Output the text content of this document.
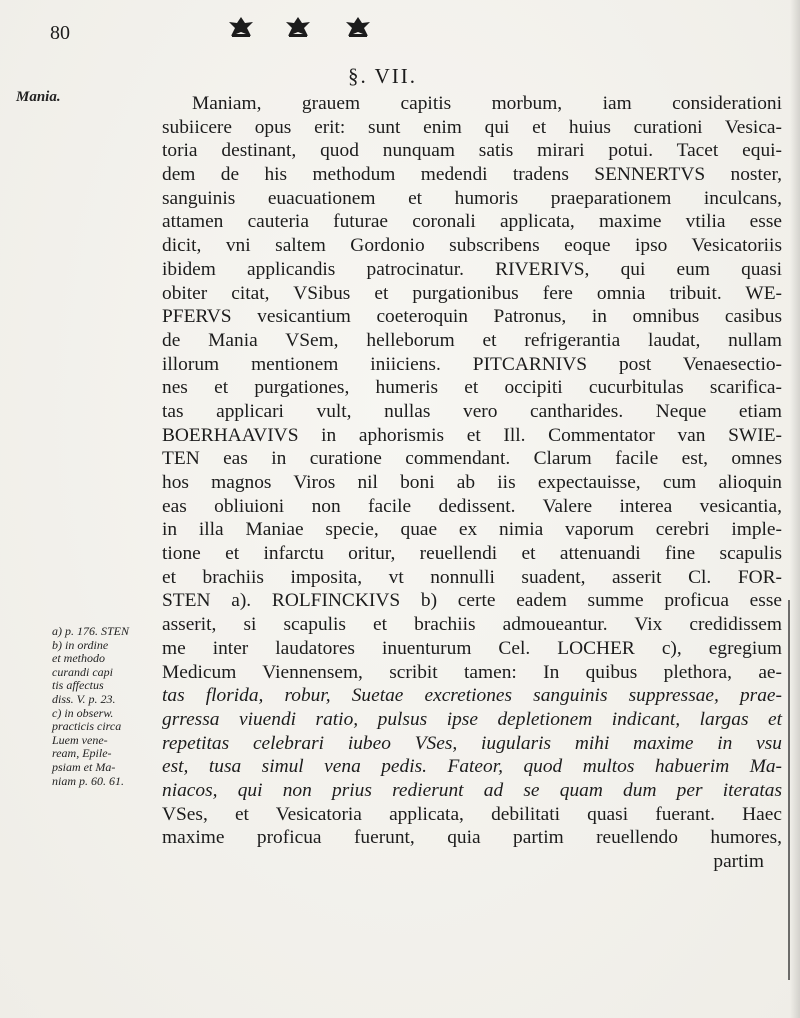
80
§. VII.
Mania.
a) p. 176. STEN
b) in ordine
et methodo
curandi capi
tis affectus
diss. V. p. 23.
c) in obserw.
practicis circa
Luem vene-
ream, Epile-
psiam et Ma-
niam p. 60. 61.
Maniam, grauem capitis morbum, iam considerationi
subiicere opus erit: sunt enim qui et huius curationi Vesica-
toria destinant, quod nunquam satis mirari potui. Tacet equi-
dem de his methodum medendi tradens SENNERTVS noster,
sanguinis euacuationem et humoris praeparationem inculcans,
attamen cauteria futurae coronali applicata, maxime vtilia esse
dicit, vni saltem Gordonio subscribens eoque ipso Vesicatoriis
ibidem applicandis patrocinatur. RIVERIVS, qui eum quasi
obiter citat, VSibus et purgationibus fere omnia tribuit. WE-
PFERVS vesicantium coeteroquin Patronus, in omnibus casibus
de Mania VSem, helleborum et refrigerantia laudat, nullam
illorum mentionem iniiciens. PITCARNIVS post Venaesectio-
nes et purgationes, humeris et occipiti cucurbitulas scarifica-
tas applicari vult, nullas vero cantharides. Neque etiam
BOERHAAVIVS in aphorismis et Ill. Commentator van SWIE-
TEN eas in curatione commendant. Clarum facile est, omnes
hos magnos Viros nil boni ab iis expectauisse, cum alioquin
eas obliuioni non facile dedissent. Valere interea vesicantia,
in illa Maniae specie, quae ex nimia vaporum cerebri imple-
tione et infarctu oritur, reuellendi et attenuandi fine scapulis
et brachiis imposita, vt nonnulli suadent, asserit Cl. FOR-
STEN a). ROLFINCKIVS b) certe eadem summe proficua esse
asserit, si scapulis et brachiis admoueantur. Vix credidissem
me inter laudatores inuenturum Cel. LOCHER c), egregium
Medicum Viennensem, scribit tamen: In quibus plethora, ae-
tas florida, robur, Suetae excretiones sanguinis suppressae, prae-
grressa viuendi ratio, pulsus ipse depletionem indicant, largas et
repetitas celebrari iubeo VSes, iugularis mihi maxime in vsu
est, tusa simul vena pedis. Fateor, quod multos habuerim Ma-
niacos, qui non prius redierunt ad se quam dum per iteratas
VSes, et Vesicatoria applicata, debilitati quasi fuerant. Haec
maxime proficua fuerunt, quia partim reuellendo humores,
partim
